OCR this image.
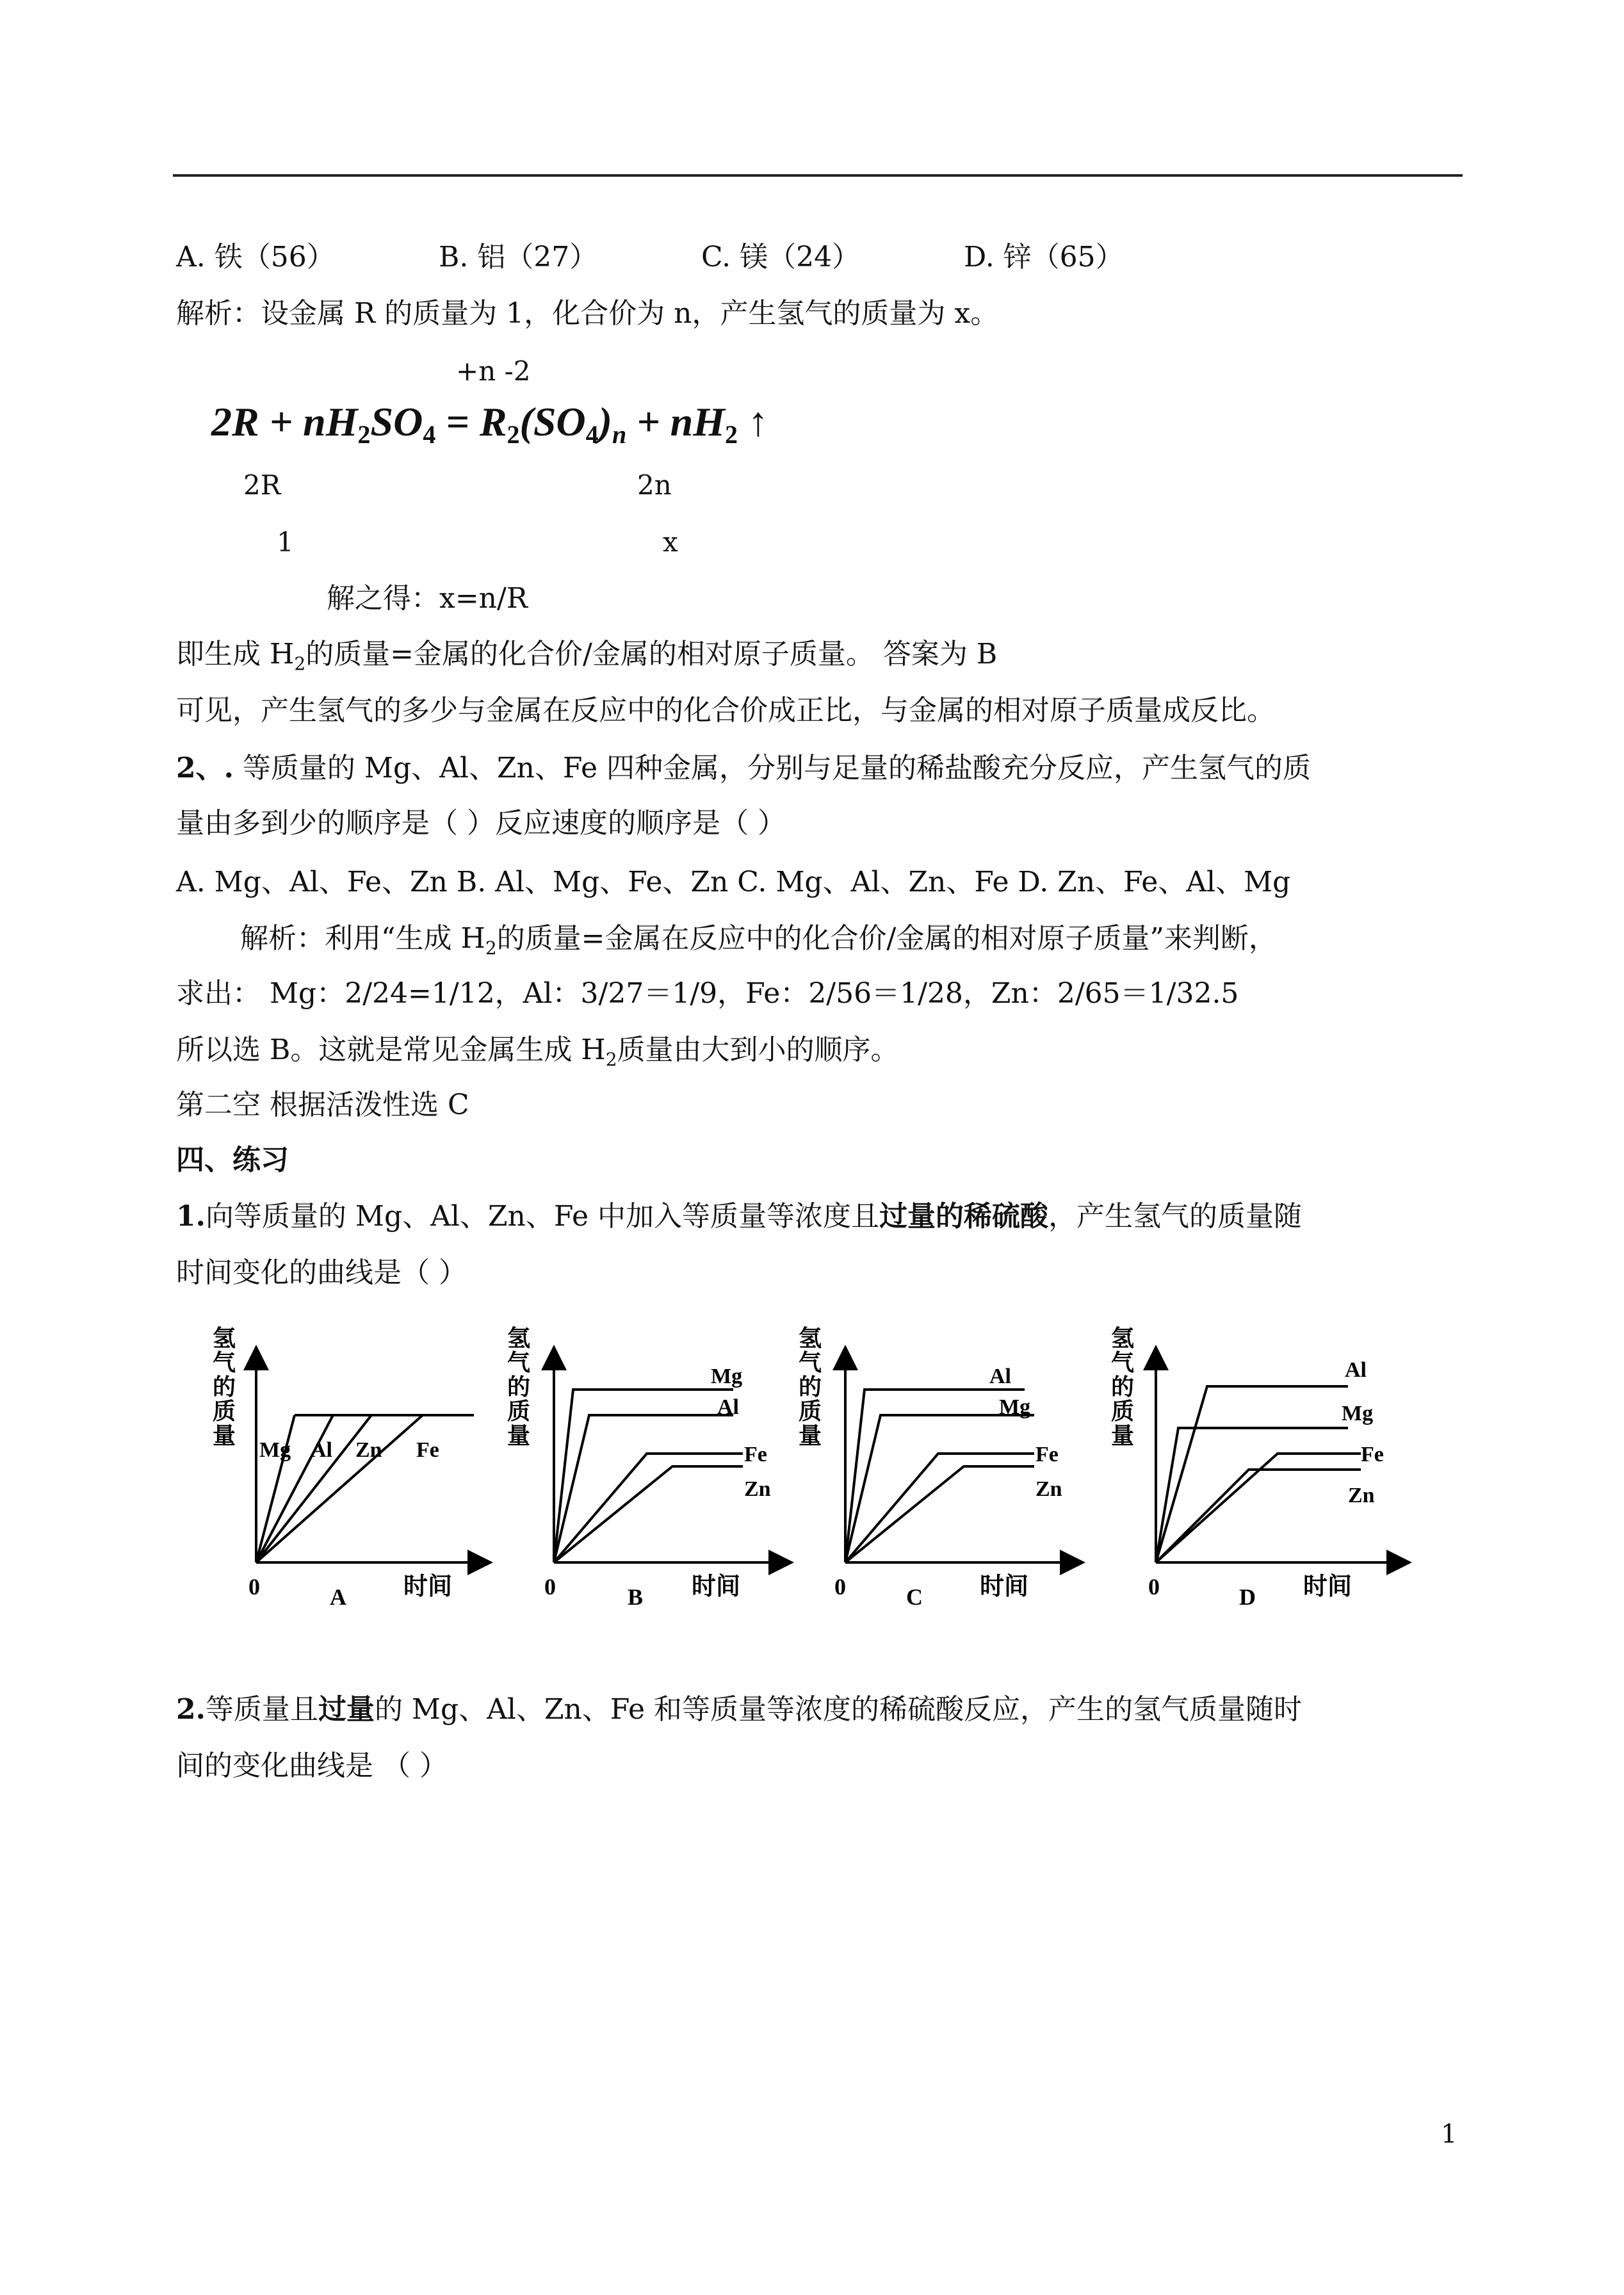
A. 铁（56）	B. 铝（27）	C. 镁（24）	D. 锌（65）
解析：设金属 R 的质量为 1，化合价为 n，产生氢气的质量为 x。
+n -2
$2R + nH_2SO_4 = R_2(SO_4)_n + nH_2$ ↑
2R	2n
1	x
解之得：x=n/R
即生成 $H_2$的质量=金属的化合价/金属的相对原子质量。 答案为 B
可见，产生氢气的多少与金属在反应中的化合价成正比，与金属的相对原子质量成反比。
2、. 等质量的 Mg、Al、Zn、Fe 四种金属，分别与足量的稀盐酸充分反应，产生氢气的质
量由多到少的顺序是（ ）反应速度的顺序是（ ）
A. Mg、Al、Fe、Zn B. Al、Mg、Fe、Zn C. Mg、Al、Zn、Fe D. Zn、Fe、Al、Mg
解析：利用“生成 $H_2$的质量=金属在反应中的化合价/金属的相对原子质量”来判断，
求出： Mg：2/24=1/12，Al：3/27＝1/9，Fe：2/56＝1/28，Zn：2/65＝1/32.5
所以选 B。这就是常见金属生成 $H_2$质量由大到小的顺序。
第二空 根据活泼性选 C
四、练习
1.向等质量的 Mg、Al、Zn、Fe 中加入等质量等浓度且过量的稀硫酸，产生氢气的质量随
时间变化的曲线是（ ）
氢
气
的
质
量
Mg Al Zn Fe
0	A 时间
氢
气
的
质
量
Mg
Al
Fe
Zn
0	B 时间
氢
气
的
质
量
Al
Mg
Fe
Zn
0	C 时间
氢
气
的
质
量
Al
Mg
Fe
Zn
0	D 时间
2.等质量且过量的 Mg、Al、Zn、Fe 和等质量等浓度的稀硫酸反应，产生的氢气质量随时
间的变化曲线是 （ ）
1
